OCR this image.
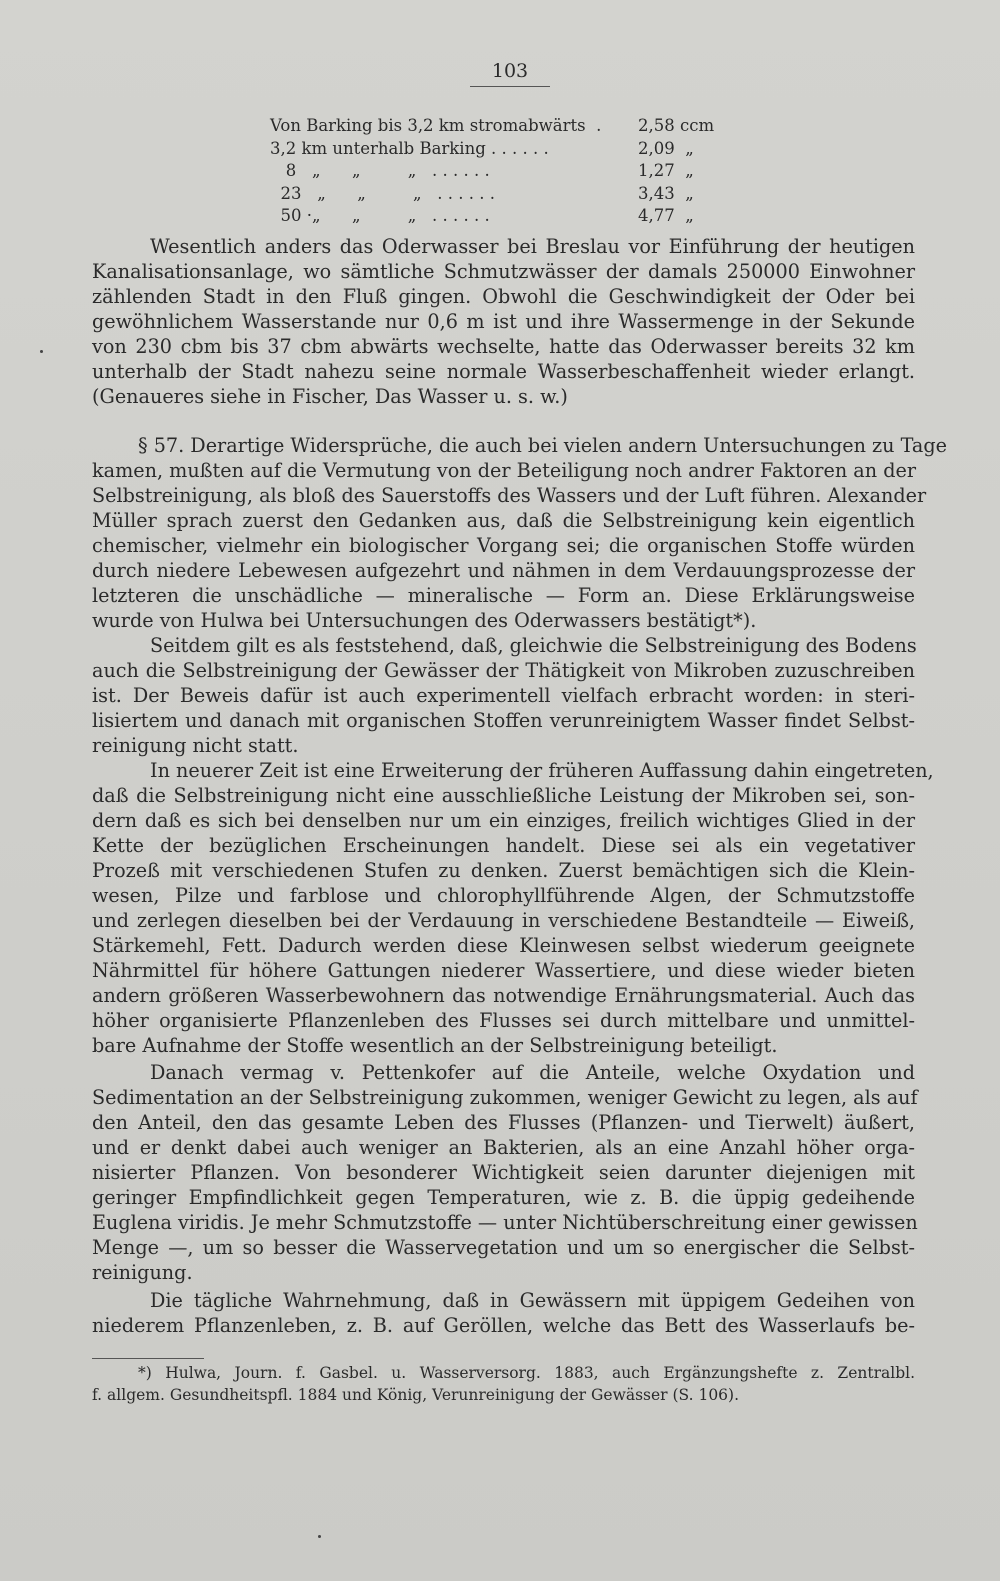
103
Von Barking bis 3,2 km stromabwärts  . 2,58 ccm
3,2 km unterhalb Barking . . . . . .	2,09  „
8   „      „         „   . . . . . .	1,27  „
23   „      „         „   . . . . . .	3,43  „
50 ·„      „         „   . . . . . .	4,77  „
Wesentlich anders das Oderwasser bei Breslau vor Einführung der heutigen
Kanalisationsanlage, wo sämtliche Schmutzwässer der damals 250000 Einwohner
zählenden Stadt in den Fluß gingen. Obwohl die Geschwindigkeit der Oder bei
gewöhnlichem Wasserstande nur 0,6 m ist und ihre Wassermenge in der Sekunde
von 230 cbm bis 37 cbm abwärts wechselte, hatte das Oderwasser bereits 32 km
unterhalb der Stadt nahezu seine normale Wasserbeschaffenheit wieder erlangt.
(Genaueres siehe in Fischer, Das Wasser u. s. w.)
§ 57. Derartige Widersprüche, die auch bei vielen andern Untersuchungen zu Tage
kamen, mußten auf die Vermutung von der Beteiligung noch andrer Faktoren an der
Selbstreinigung, als bloß des Sauerstoffs des Wassers und der Luft führen. Alexander
Müller sprach zuerst den Gedanken aus, daß die Selbstreinigung kein eigentlich
chemischer, vielmehr ein biologischer Vorgang sei; die organischen Stoffe würden
durch niedere Lebewesen aufgezehrt und nähmen in dem Verdauungsprozesse der
letzteren die unschädliche — mineralische — Form an. Diese Erklärungsweise
wurde von Hulwa bei Untersuchungen des Oderwassers bestätigt*).
Seitdem gilt es als feststehend, daß, gleichwie die Selbstreinigung des Bodens
auch die Selbstreinigung der Gewässer der Thätigkeit von Mikroben zuzuschreiben
ist. Der Beweis dafür ist auch experimentell vielfach erbracht worden: in steri-
lisiertem und danach mit organischen Stoffen verunreinigtem Wasser findet Selbst-
reinigung nicht statt.
In neuerer Zeit ist eine Erweiterung der früheren Auffassung dahin eingetreten,
daß die Selbstreinigung nicht eine ausschließliche Leistung der Mikroben sei, son-
dern daß es sich bei denselben nur um ein einziges, freilich wichtiges Glied in der
Kette der bezüglichen Erscheinungen handelt. Diese sei als ein vegetativer
Prozeß mit verschiedenen Stufen zu denken. Zuerst bemächtigen sich die Klein-
wesen, Pilze und farblose und chlorophyllführende Algen, der Schmutzstoffe
und zerlegen dieselben bei der Verdauung in verschiedene Bestandteile — Eiweiß,
Stärkemehl, Fett. Dadurch werden diese Kleinwesen selbst wiederum geeignete
Nährmittel für höhere Gattungen niederer Wassertiere, und diese wieder bieten
andern größeren Wasserbewohnern das notwendige Ernährungsmaterial. Auch das
höher organisierte Pflanzenleben des Flusses sei durch mittelbare und unmittel-
bare Aufnahme der Stoffe wesentlich an der Selbstreinigung beteiligt.
Danach vermag v. Pettenkofer auf die Anteile, welche Oxydation und
Sedimentation an der Selbstreinigung zukommen, weniger Gewicht zu legen, als auf
den Anteil, den das gesamte Leben des Flusses (Pflanzen- und Tierwelt) äußert,
und er denkt dabei auch weniger an Bakterien, als an eine Anzahl höher orga-
nisierter Pflanzen. Von besonderer Wichtigkeit seien darunter diejenigen mit
geringer Empfindlichkeit gegen Temperaturen, wie z. B. die üppig gedeihende
Euglena viridis. Je mehr Schmutzstoffe — unter Nichtüberschreitung einer gewissen
Menge —, um so besser die Wasservegetation und um so energischer die Selbst-
reinigung.
Die tägliche Wahrnehmung, daß in Gewässern mit üppigem Gedeihen von
niederem Pflanzenleben, z. B. auf Geröllen, welche das Bett des Wasserlaufs be-
*) Hulwa, Journ. f. Gasbel. u. Wasserversorg. 1883, auch Ergänzungshefte z. Zentralbl.
f. allgem. Gesundheitspfl. 1884 und König, Verunreinigung der Gewässer (S. 106).
